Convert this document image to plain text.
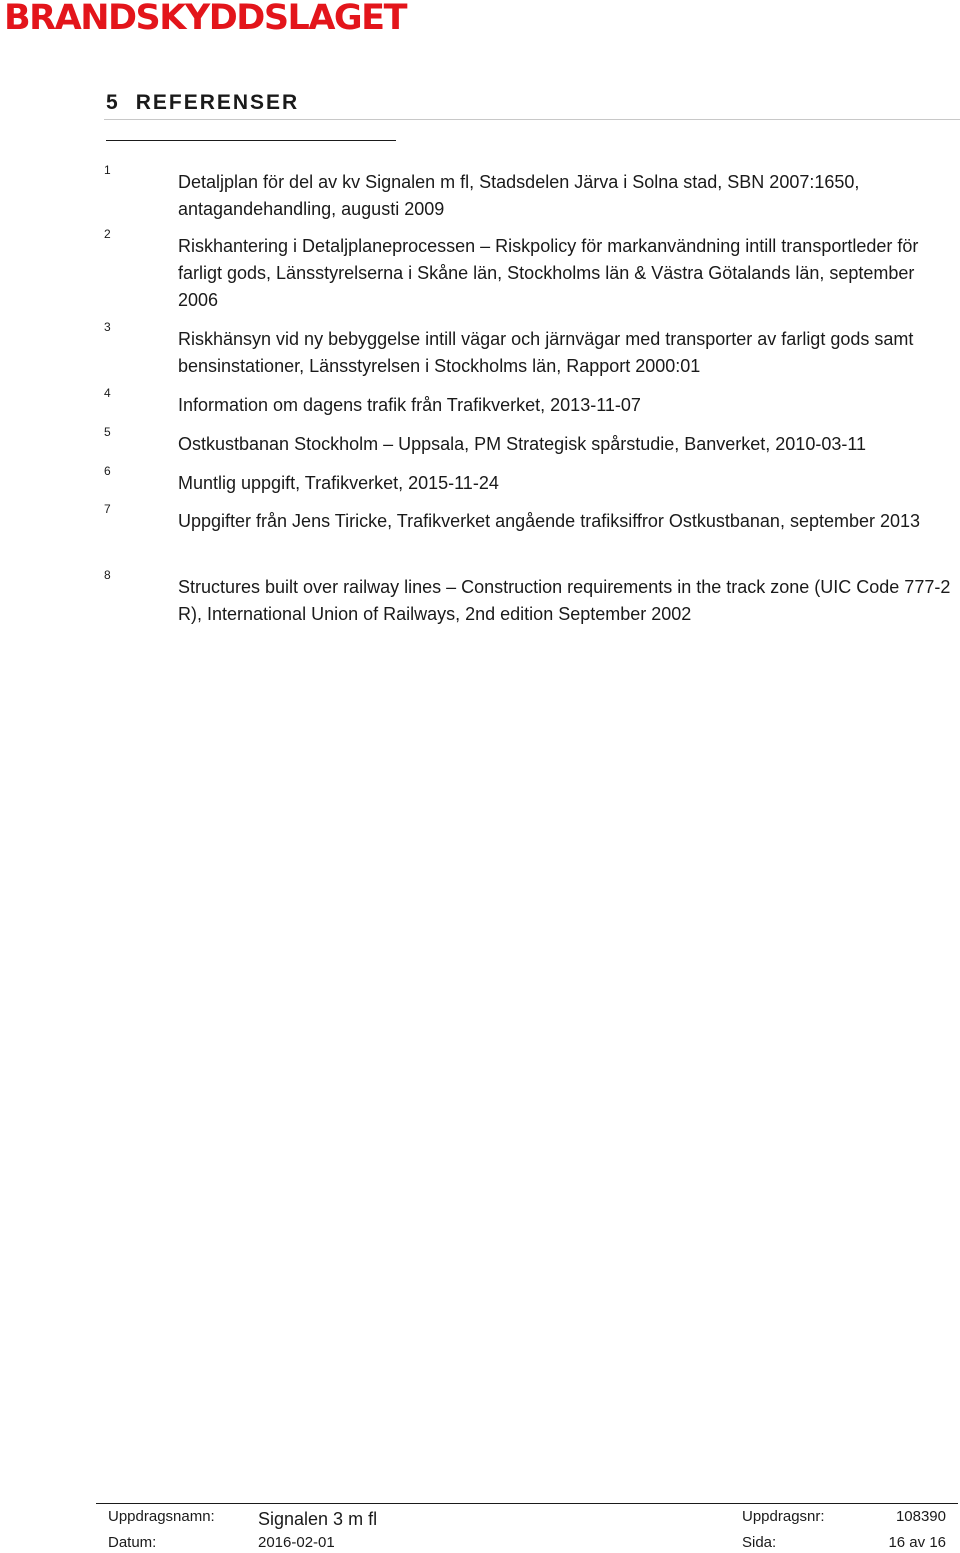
BRANDSKYDDSLAGET
5 REFERENSER
1
Detaljplan för del av kv Signalen m fl, Stadsdelen Järva i Solna stad, SBN 2007:1650, antagandehandling, augusti 2009
2
Riskhantering i Detaljplaneprocessen – Riskpolicy för markanvändning intill transportleder för farligt gods, Länsstyrelserna i Skåne län, Stockholms län & Västra Götalands län, september 2006
3
Riskhänsyn vid ny bebyggelse intill vägar och järnvägar med transporter av farligt gods samt bensinstationer, Länsstyrelsen i Stockholms län, Rapport 2000:01
4
Information om dagens trafik från Trafikverket, 2013-11-07
5
Ostkustbanan Stockholm – Uppsala, PM Strategisk spårstudie, Banverket, 2010-03-11
6
Muntlig uppgift, Trafikverket, 2015-11-24
7
Uppgifter från Jens Tiricke, Trafikverket angående trafiksiffror Ostkustbanan, september 2013
8
Structures built over railway lines – Construction requirements in the track zone (UIC Code 777-2 R), International Union of Railways, 2nd edition September 2002
Uppdragsnamn: Signalen 3 m fl	Uppdragsnr:	108390
Datum:	2016-02-01	Sida:	16 av 16
